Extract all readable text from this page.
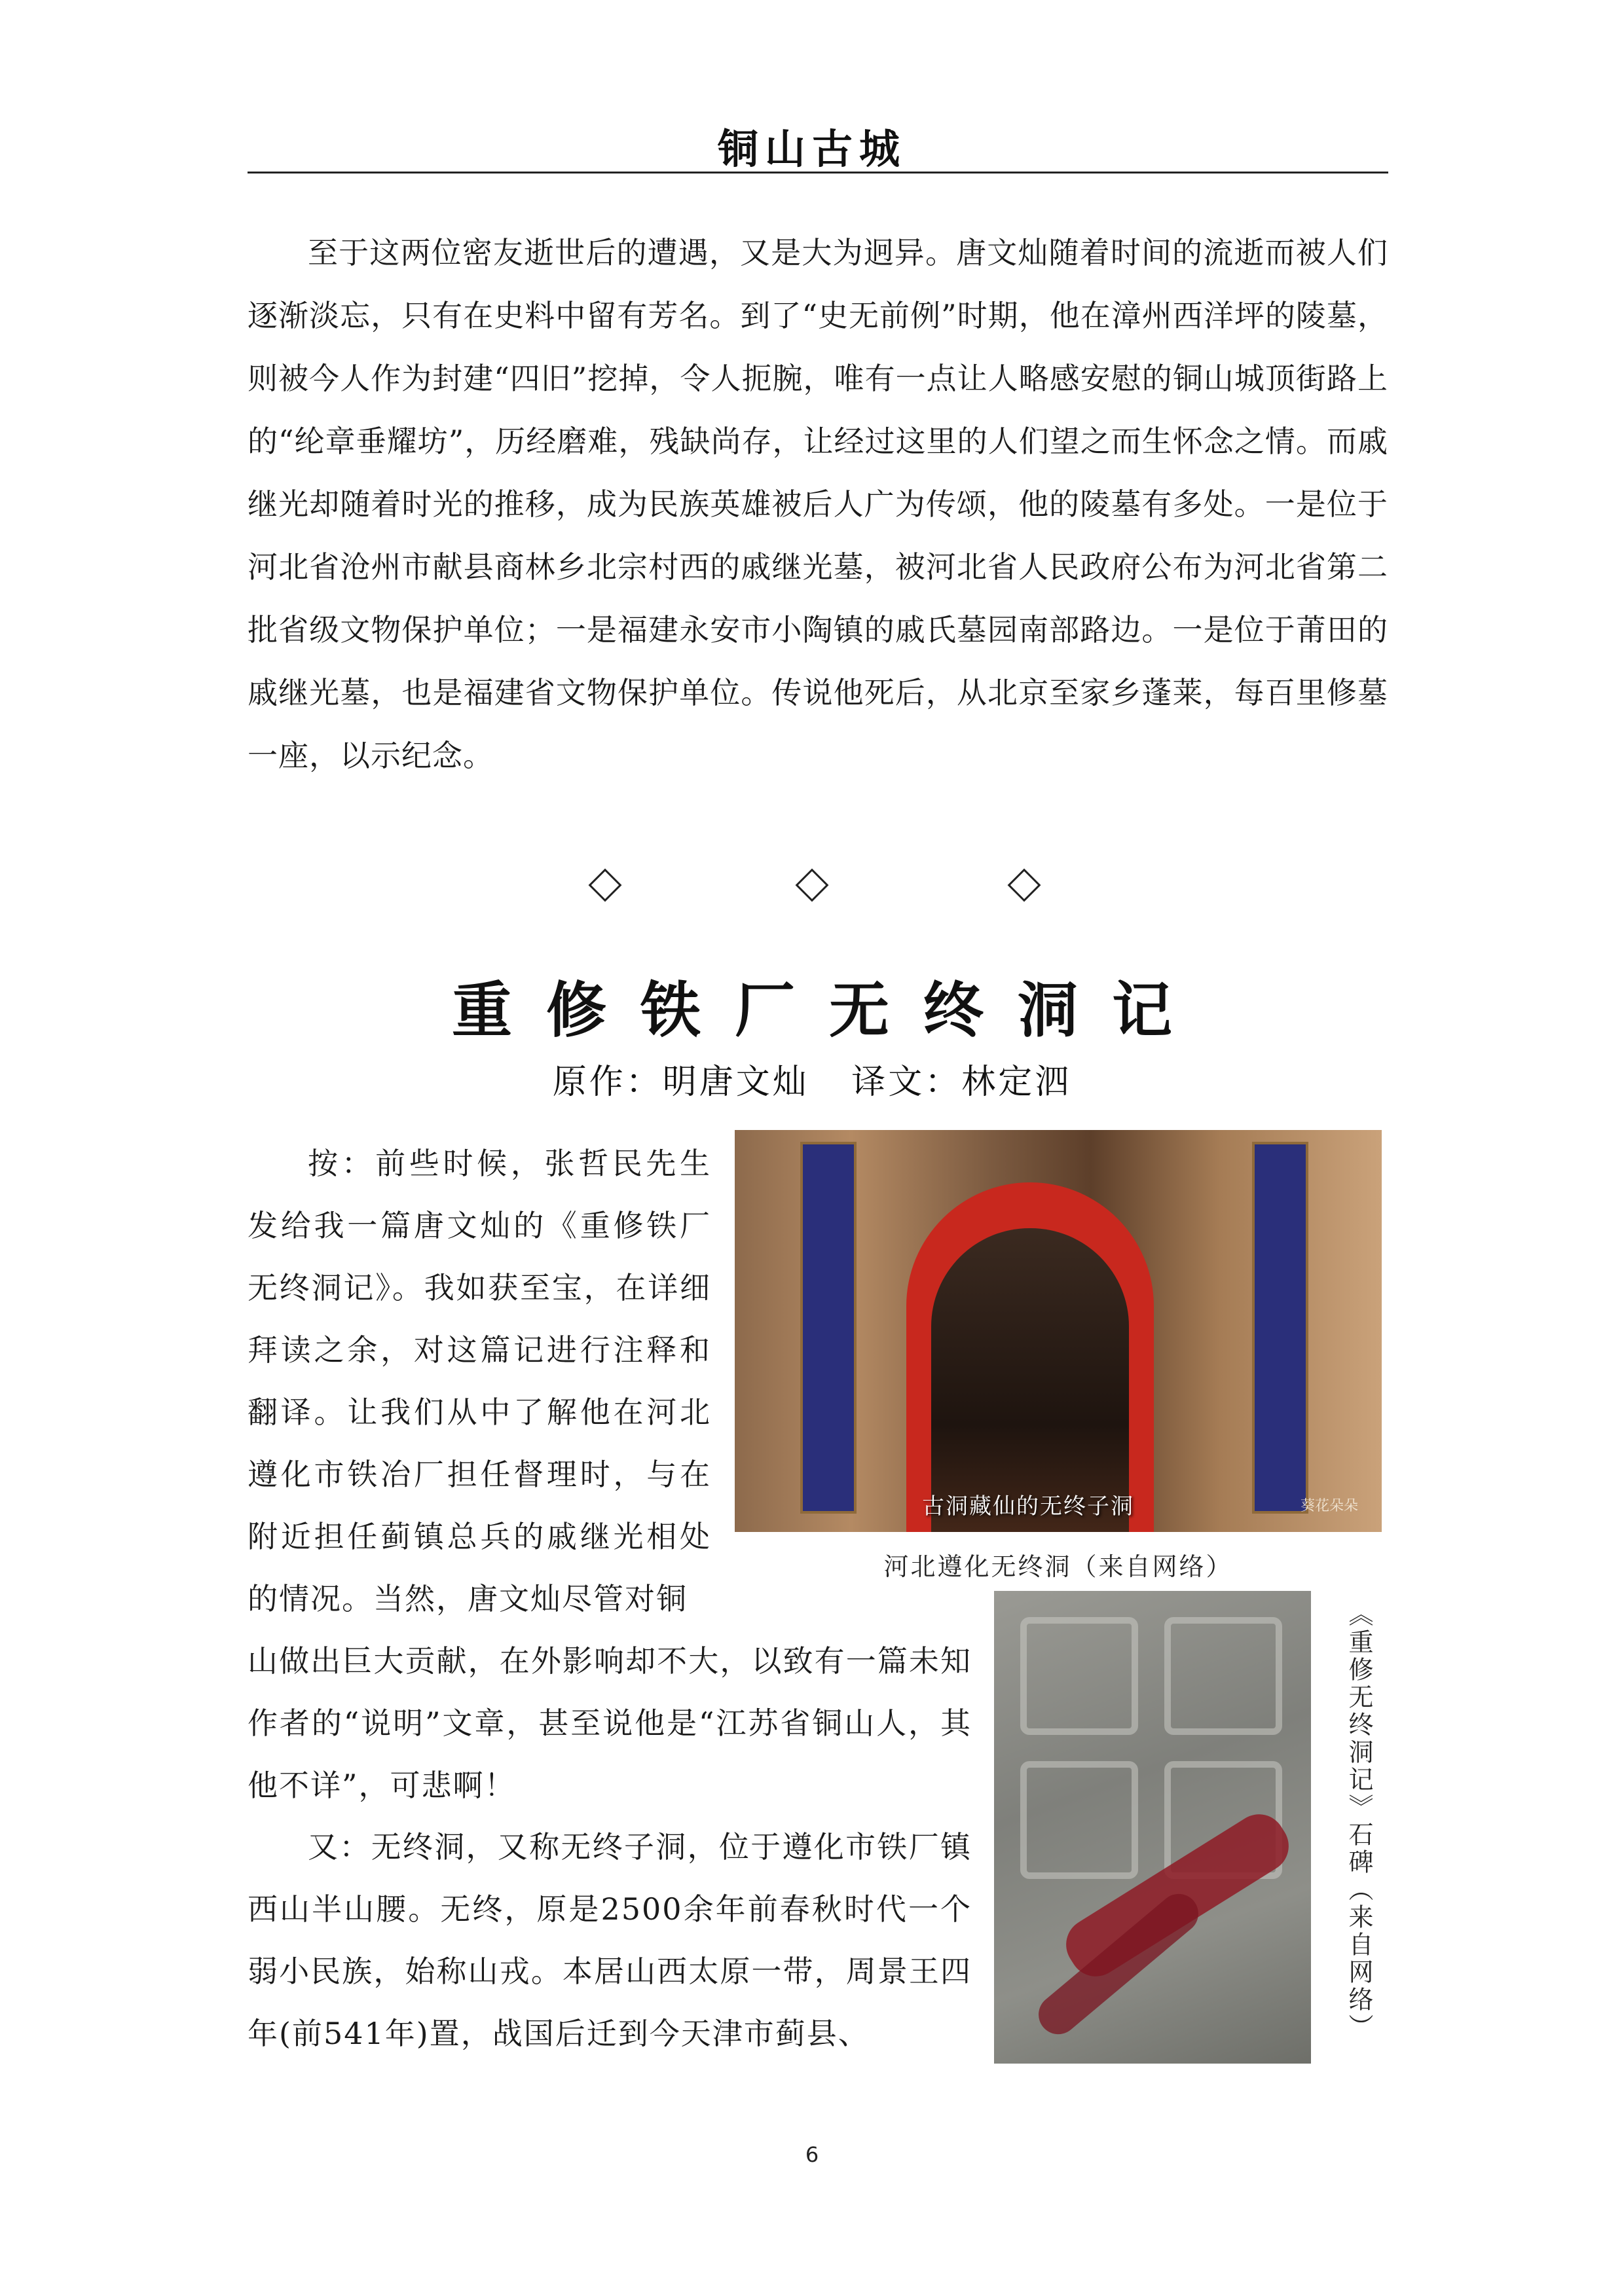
铜山古城

至于这两位密友逝世后的遭遇，又是大为迥异。唐文灿随着时间的流逝而被人们逐渐淡忘，只有在史料中留有芳名。到了“史无前例”时期，他在漳州西洋坪的陵墓，则被今人作为封建“四旧”挖掉，令人扼腕，唯有一点让人略感安慰的铜山城顶街路上的“纶章垂耀坊”，历经磨难，残缺尚存，让经过这里的人们望之而生怀念之情。而戚继光却随着时光的推移，成为民族英雄被后人广为传颂，他的陵墓有多处。一是位于河北省沧州市献县商林乡北宗村西的戚继光墓，被河北省人民政府公布为河北省第二批省级文物保护单位；一是福建永安市小陶镇的戚氏墓园南部路边。一是位于莆田的戚继光墓，也是福建省文物保护单位。传说他死后，从北京至家乡蓬莱，每百里修墓一座，以示纪念。

重修铁厂无终洞记
原作：明唐文灿 译文：林定泗

按：前些时候，张哲民先生发给我一篇唐文灿的《重修铁厂无终洞记》。我如获至宝，在详细拜读之余，对这篇记进行注释和翻译。让我们从中了解他在河北遵化市铁冶厂担任督理时，与在附近担任蓟镇总兵的戚继光相处的情况。当然，唐文灿尽管对铜

古洞藏仙的无终子洞	葵花朵朵
河北遵化无终洞（来自网络）

山做出巨大贡献，在外影响却不大，以致有一篇未知作者的“说明”文章，甚至说他是“江苏省铜山人，其他不详”，可悲啊！

又：无终洞，又称无终子洞，位于遵化市铁厂镇西山半山腰。无终，原是2500余年前春秋时代一个弱小民族，始称山戎。本居山西太原一带，周景王四年(前541年)置，战国后迁到今天津市蓟县、	《重修无终洞记》石碑（来自网络）
6
